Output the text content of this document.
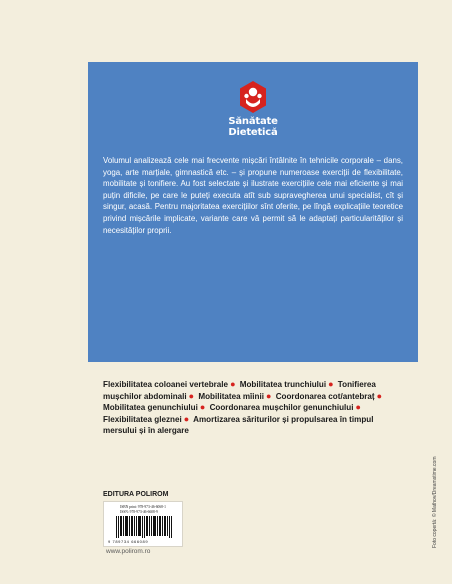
Sănătate
Dietetică

Volumul analizează cele mai frecvente mișcări întâlnite în tehnicile corporale – dans, yoga, arte marțiale, gimnastică etc. – și propune numeroase exerciții de flexibilitate, mobilitate și tonifiere. Au fost selectate și ilustrate exercițiile cele mai eficiente și mai puțin dificile, pe care le puteți executa atît sub supravegherea unui specialist, cît și singur, acasă. Pentru majoritatea exercițiilor sînt oferite, pe lîngă explicațiile teoretice privind mișcările implicate, variante care vă permit să le adaptați particularităților și necesităților proprii.

Flexibilitatea coloanei vertebrale ● Mobilitatea trunchiului ● Tonifierea mușchilor abdominali ● Mobilitatea mîinii ● Coordonarea cot/antebraț ● Mobilitatea genunchiului ● Coordonarea mușchilor genunchiului ● Flexibilitatea gleznei ● Amortizarea săriturilor și propulsarea în timpul mersului și în alergare

EDITURA POLIROM
ISBN print: 978-973-46-6068-1
ISSN: 978-973-46-6608-9
9 789734 666089
www.polirom.ro
Foto copertă: © Mathov/Dreamstime.com
